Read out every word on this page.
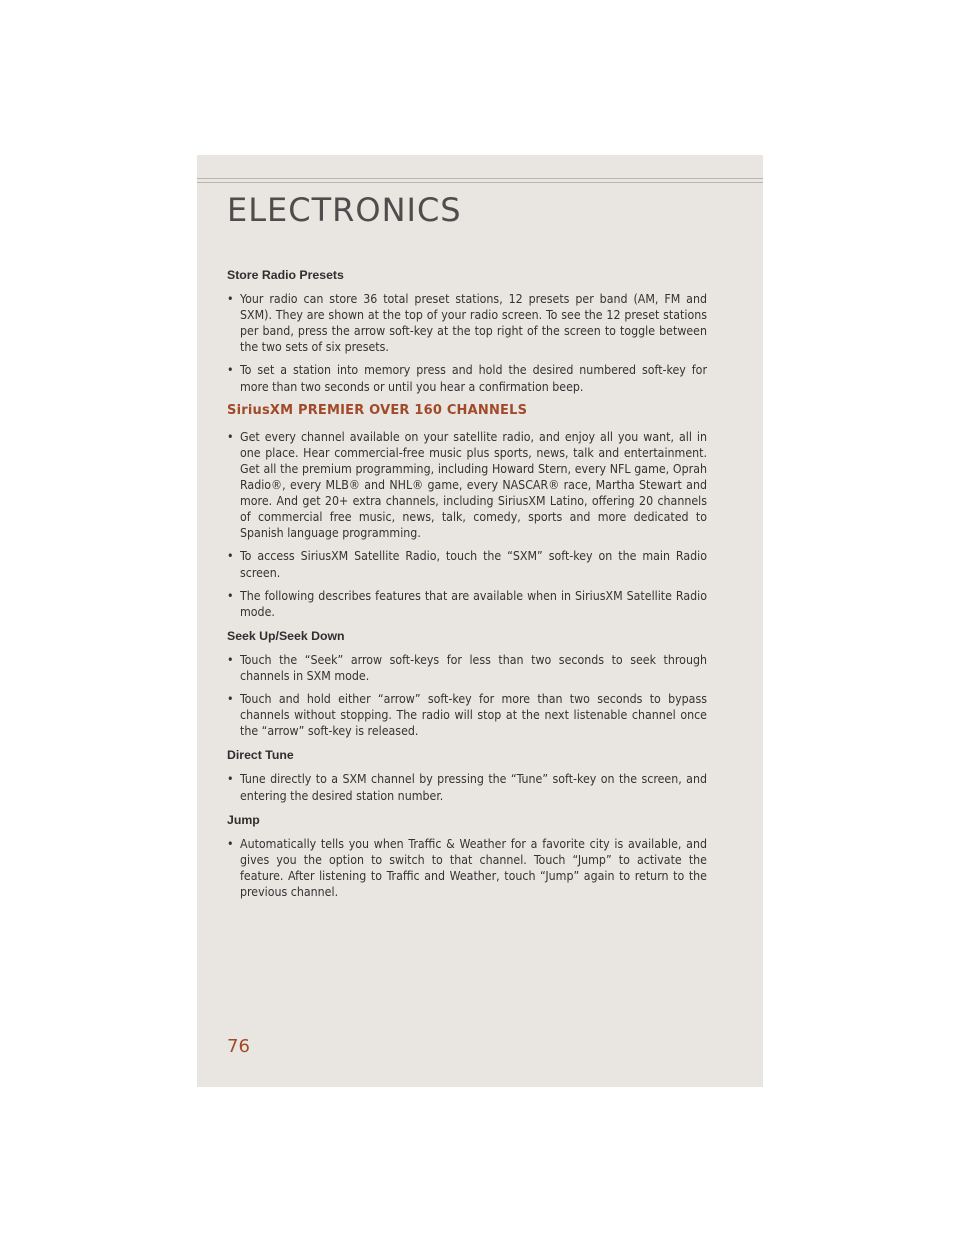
ELECTRONICS
Store Radio Presets
• Your radio can store 36 total preset stations, 12 presets per band (AM, FM and SXM). They are shown at the top of your radio screen. To see the 12 preset stations per band, press the arrow soft-key at the top right of the screen to toggle between the two sets of six presets.
• To set a station into memory press and hold the desired numbered soft-key for more than two seconds or until you hear a confirmation beep.
SiriusXM PREMIER OVER 160 CHANNELS
• Get every channel available on your satellite radio, and enjoy all you want, all in one place. Hear commercial-free music plus sports, news, talk and entertainment. Get all the premium programming, including Howard Stern, every NFL game, Oprah Radio®, every MLB® and NHL® game, every NASCAR® race, Martha Stewart and more. And get 20+ extra channels, including SiriusXM Latino, offering 20 channels of commercial free music, news, talk, comedy, sports and more dedicated to Spanish language programming.
• To access SiriusXM Satellite Radio, touch the “SXM” soft-key on the main Radio screen.
• The following describes features that are available when in SiriusXM Satellite Radio mode.
Seek Up/Seek Down
• Touch the “Seek” arrow soft-keys for less than two seconds to seek through channels in SXM mode.
• Touch and hold either “arrow” soft-key for more than two seconds to bypass channels without stopping. The radio will stop at the next listenable channel once the “arrow” soft-key is released.
Direct Tune
• Tune directly to a SXM channel by pressing the “Tune” soft-key on the screen, and entering the desired station number.
Jump
• Automatically tells you when Traffic & Weather for a favorite city is available, and gives you the option to switch to that channel. Touch “Jump” to activate the feature. After listening to Traffic and Weather, touch “Jump” again to return to the previous channel.
76
